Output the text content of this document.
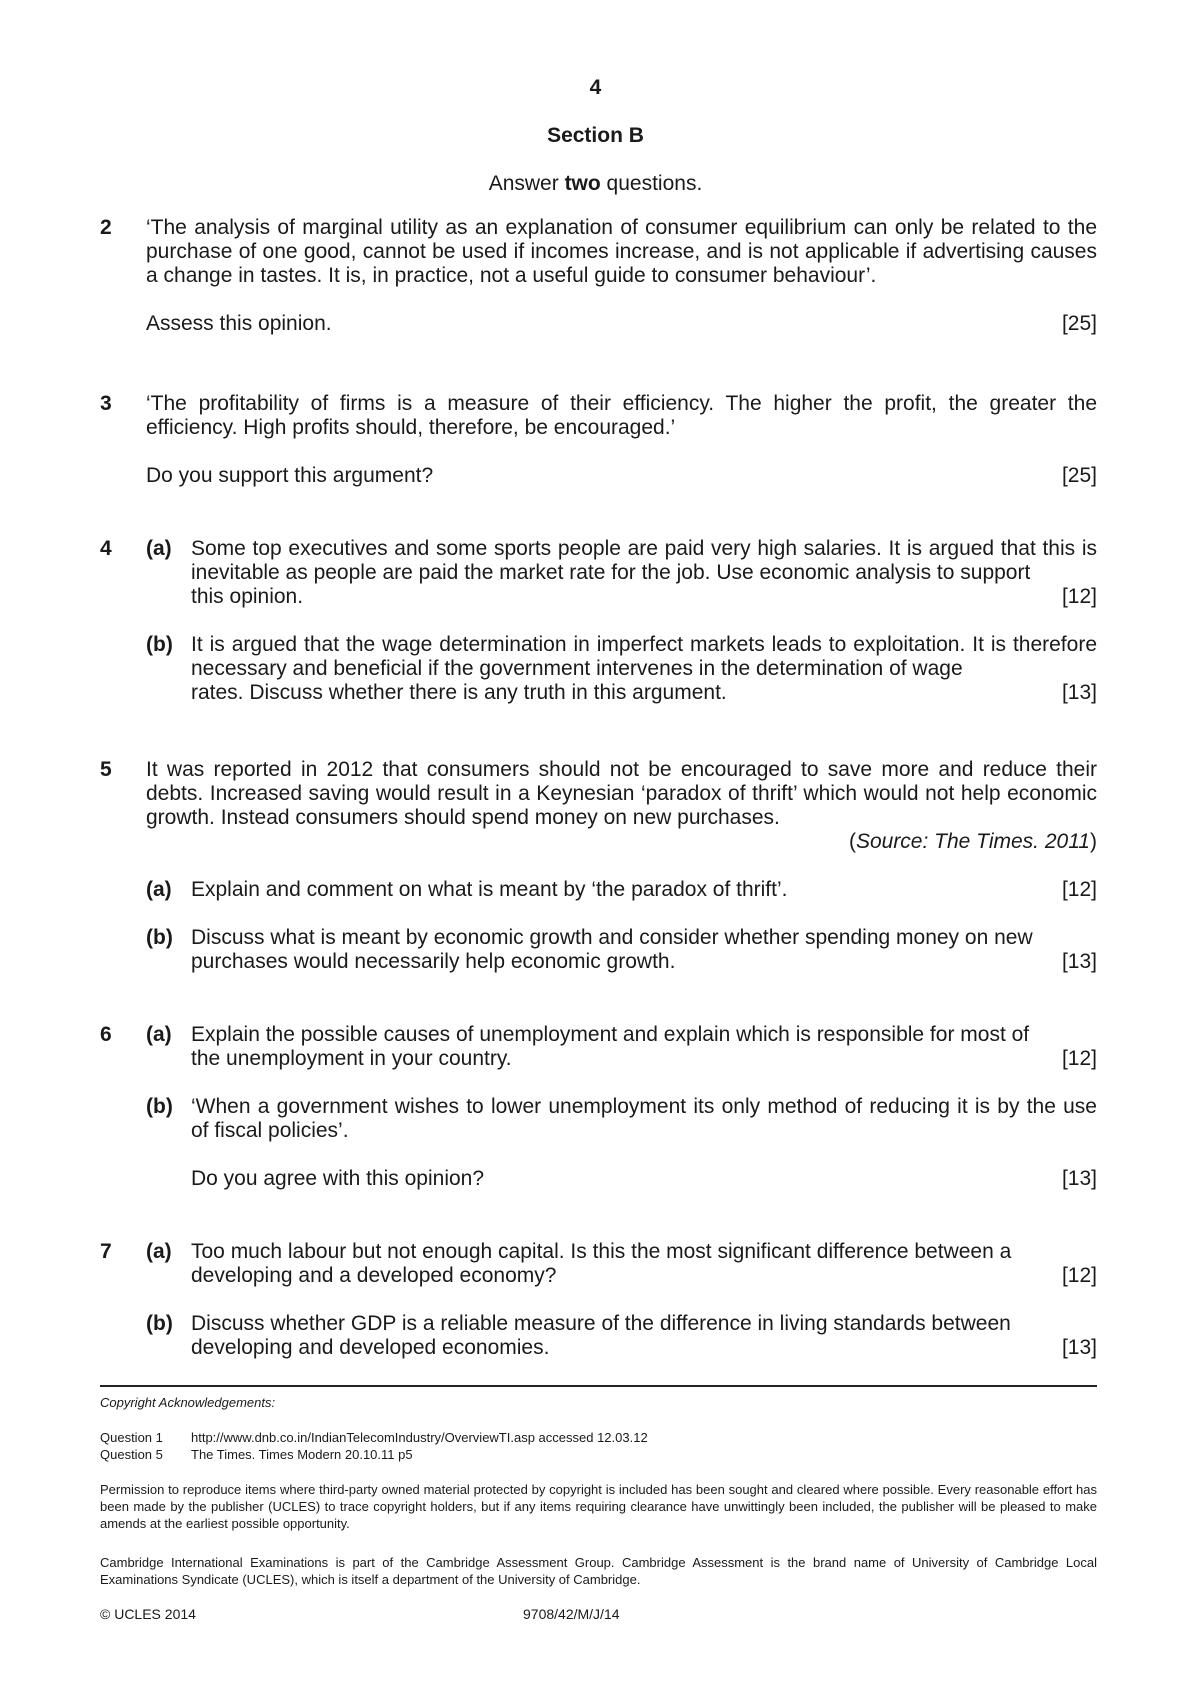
4
Section B
Answer two questions.
2 ‘The analysis of marginal utility as an explanation of consumer equilibrium can only be related to the purchase of one good, cannot be used if incomes increase, and is not applicable if advertising causes a change in tastes. It is, in practice, not a useful guide to consumer behaviour’.
Assess this opinion.	[25]
3 ‘The profitability of firms is a measure of their efficiency. The higher the profit, the greater the efficiency. High profits should, therefore, be encouraged.’
Do you support this argument?	[25]
4 (a) Some top executives and some sports people are paid very high salaries. It is argued that this is inevitable as people are paid the market rate for the job. Use economic analysis to support
this opinion.	[12]
(b) It is argued that the wage determination in imperfect markets leads to exploitation. It is therefore necessary and beneficial if the government intervenes in the determination of wage
rates. Discuss whether there is any truth in this argument.	[13]
5 It was reported in 2012 that consumers should not be encouraged to save more and reduce their debts. Increased saving would result in a Keynesian ‘paradox of thrift’ which would not help economic growth. Instead consumers should spend money on new purchases.
(Source: The Times. 2011)
(a) Explain and comment on what is meant by ‘the paradox of thrift’.	[12]
(b) Discuss what is meant by economic growth and consider whether spending money on new
purchases would necessarily help economic growth.	[13]
6 (a) Explain the possible causes of unemployment and explain which is responsible for most of
the unemployment in your country.	[12]
(b) ‘When a government wishes to lower unemployment its only method of reducing it is by the use of fiscal policies’.
Do you agree with this opinion?	[13]
7 (a) Too much labour but not enough capital. Is this the most significant difference between a
developing and a developed economy?	[12]
(b) Discuss whether GDP is a reliable measure of the difference in living standards between
developing and developed economies.	[13]
Copyright Acknowledgements:
Question 1	http://www.dnb.co.in/IndianTelecomIndustry/OverviewTI.asp accessed 12.03.12
Question 5	The Times. Times Modern 20.10.11 p5
Permission to reproduce items where third-party owned material protected by copyright is included has been sought and cleared where possible. Every reasonable effort has been made by the publisher (UCLES) to trace copyright holders, but if any items requiring clearance have unwittingly been included, the publisher will be pleased to make amends at the earliest possible opportunity.
Cambridge International Examinations is part of the Cambridge Assessment Group. Cambridge Assessment is the brand name of University of Cambridge Local Examinations Syndicate (UCLES), which is itself a department of the University of Cambridge.
© UCLES 2014	9708/42/M/J/14
